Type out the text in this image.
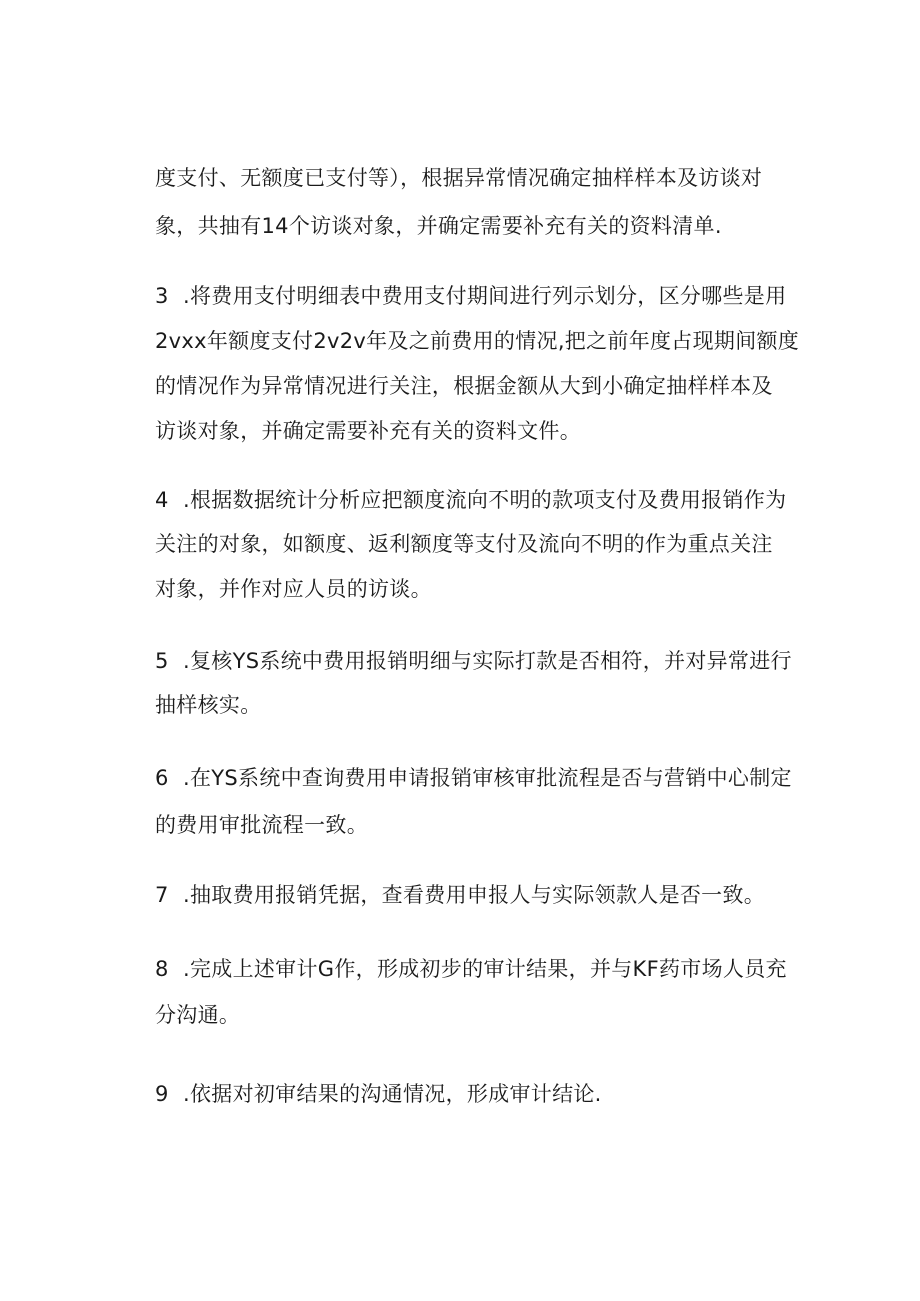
度支付、无额度已支付等），根据异常情况确定抽样样本及访谈对
象，共抽有14个访谈对象，并确定需要补充有关的资料清单.
3 .将费用支付明细表中费用支付期间进行列示划分，区分哪些是用
2vxx年额度支付2v2v年及之前费用的情况,把之前年度占现期间额度
的情况作为异常情况进行关注，根据金额从大到小确定抽样样本及
访谈对象，并确定需要补充有关的资料文件。
4 .根据数据统计分析应把额度流向不明的款项支付及费用报销作为
关注的对象，如额度、返利额度等支付及流向不明的作为重点关注
对象，并作对应人员的访谈。
5 .复核YS系统中费用报销明细与实际打款是否相符，并对异常进行
抽样核实。
6 .在YS系统中查询费用申请报销审核审批流程是否与营销中心制定
的费用审批流程一致。
7 .抽取费用报销凭据，查看费用申报人与实际领款人是否一致。
8 .完成上述审计G作，形成初步的审计结果，并与KF药市场人员充
分沟通。
9 .依据对初审结果的沟通情况，形成审计结论.
